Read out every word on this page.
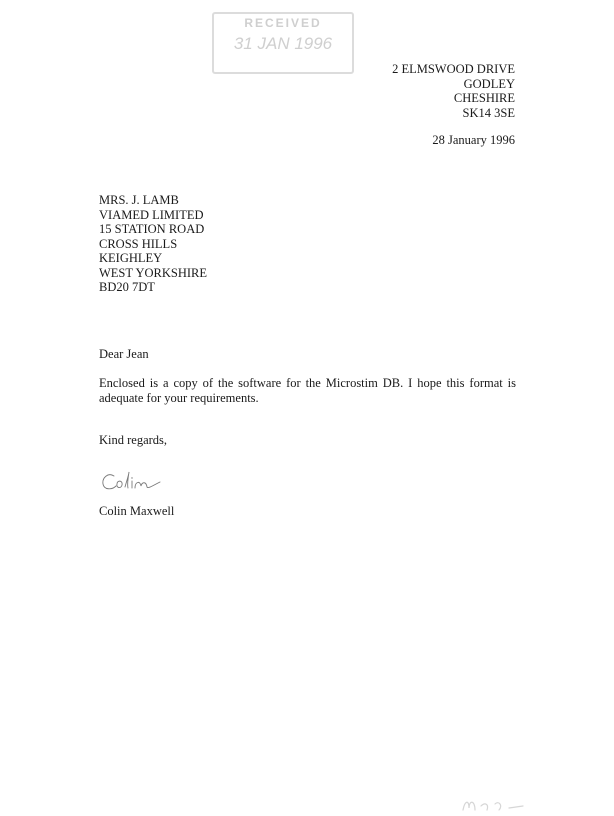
RECEIVED
31 JAN 1996
2 ELMSWOOD DRIVE
GODLEY
CHESHIRE
SK14 3SE
28 January 1996
MRS. J. LAMB
VIAMED LIMITED
15 STATION ROAD
CROSS HILLS
KEIGHLEY
WEST YORKSHIRE
BD20 7DT
Dear Jean
Enclosed is a copy of the software for the Microstim DB. I hope this format is adequate for your requirements.
Kind regards,
Colin Maxwell
